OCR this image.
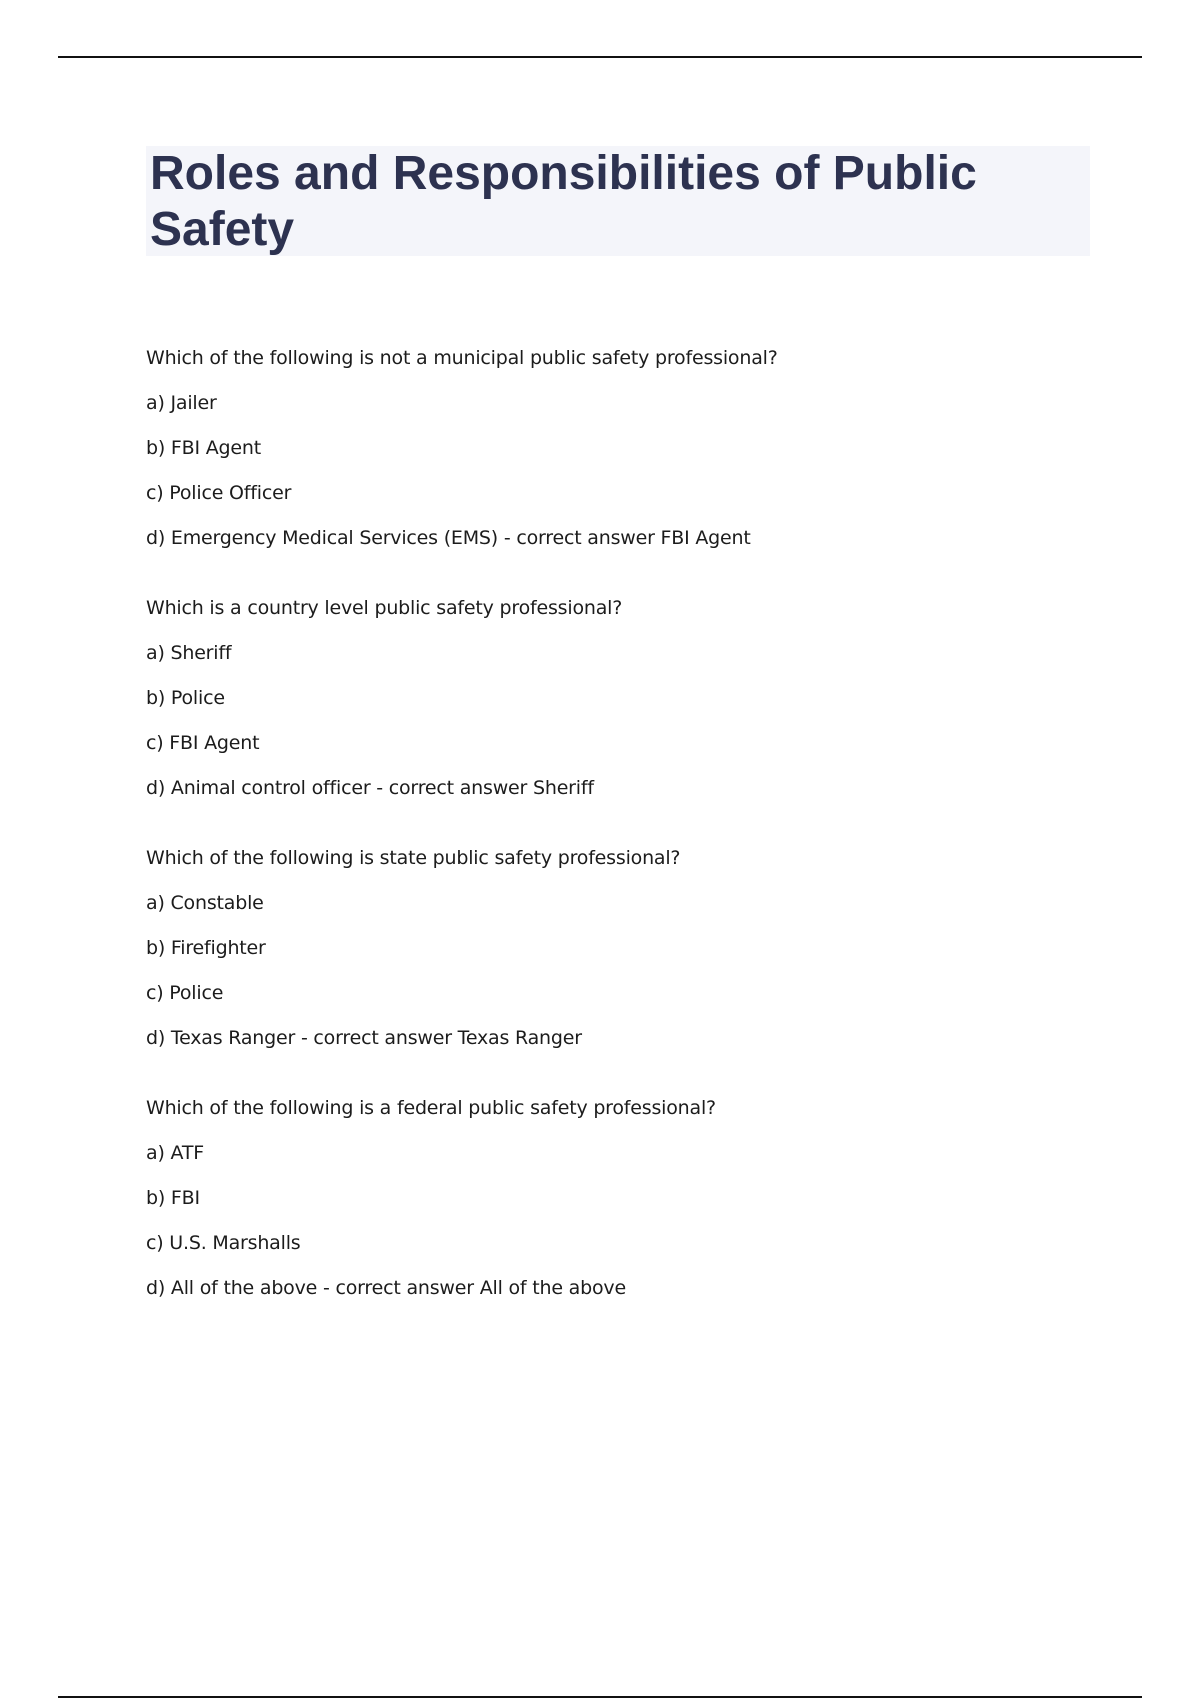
Roles and Responsibilities of Public Safety
Which of the following is not a municipal public safety professional?
a) Jailer
b) FBI Agent
c) Police Officer
d) Emergency Medical Services (EMS) - correct answer FBI Agent
Which is a country level public safety professional?
a) Sheriff
b) Police
c) FBI Agent
d) Animal control officer - correct answer Sheriff
Which of the following is state public safety professional?
a) Constable
b) Firefighter
c) Police
d) Texas Ranger - correct answer Texas Ranger
Which of the following is a federal public safety professional?
a) ATF
b) FBI
c) U.S. Marshalls
d) All of the above - correct answer All of the above
